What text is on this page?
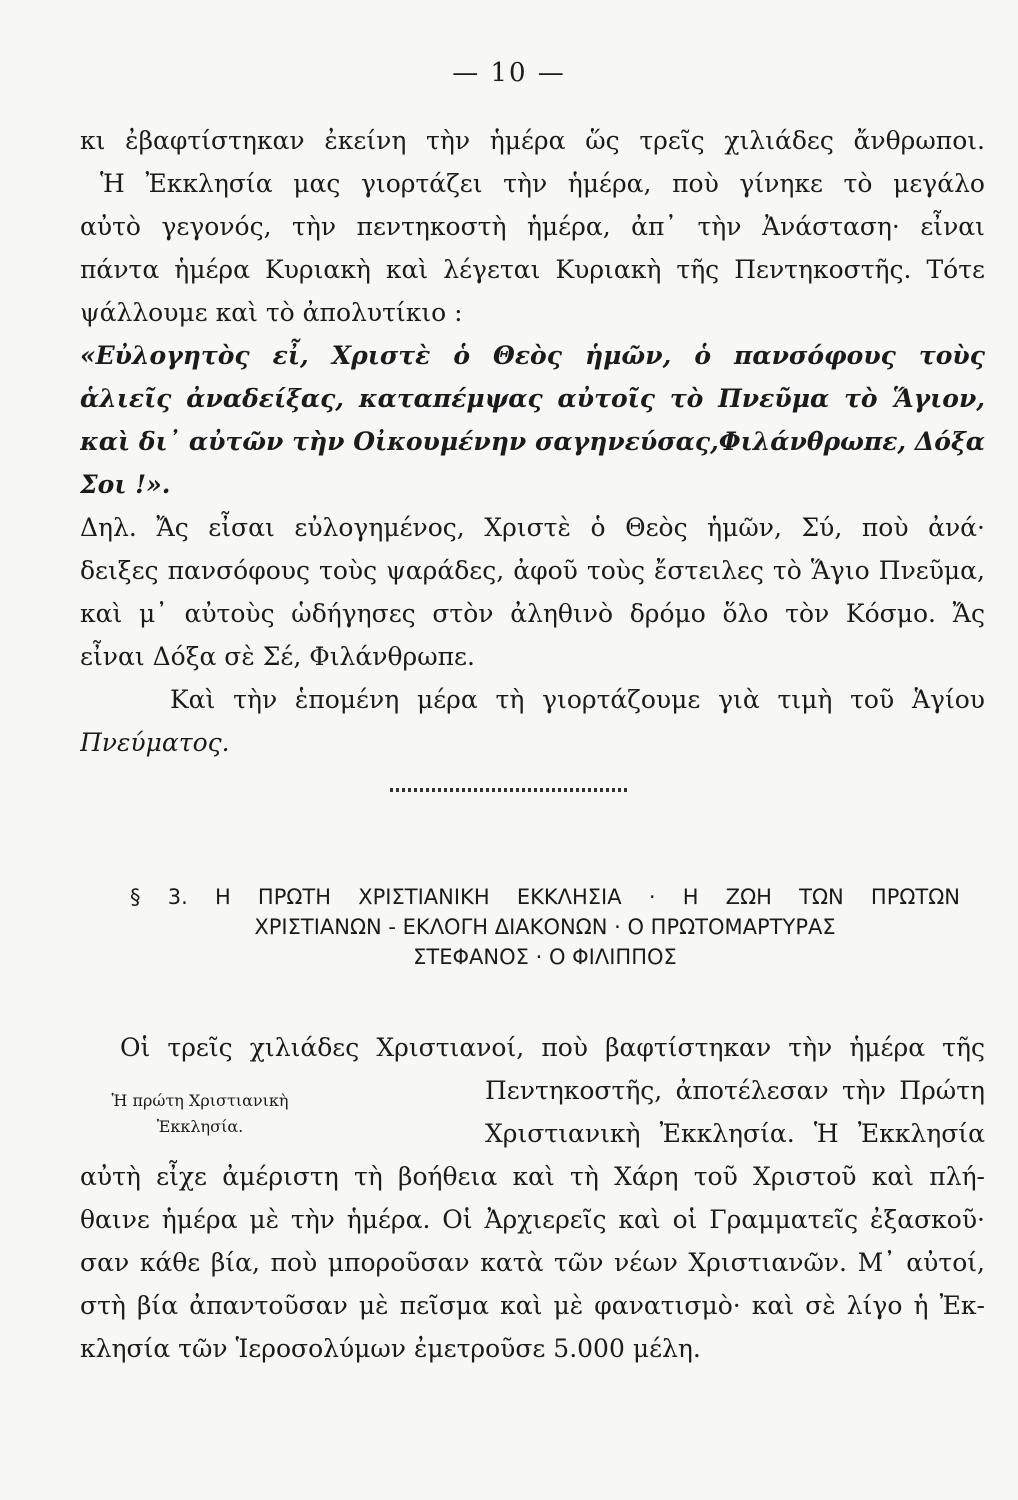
— 10 —
κι ἐβαφτίστηκαν ἐκείνη τὴν ἡμέρα ὥς τρεῖς χιλιάδες ἄνθρωποι.
Ἡ Ἐκκλησία μας γιορτάζει τὴν ἡμέρα, ποὺ γίνηκε τὸ μεγάλο
αὐτὸ γεγονός, τὴν πεντηκοστὴ ἡμέρα, ἀπ᾽ τὴν Ἀνάσταση· εἶναι
πάντα ἡμέρα Κυριακὴ καὶ λέγεται Κυριακὴ τῆς Πεντηκοστῆς. Τότε
ψάλλουμε καὶ τὸ ἀπολυτίκιο :
«Εὐλογητὸς εἶ, Χριστὲ ὁ Θεὸς ἡμῶν, ὁ πανσόφους τοὺς
ἁλιεῖς ἀναδείξας, καταπέμψας αὐτοῖς τὸ Πνεῦμα τὸ Ἅγιον,
καὶ δι᾽ αὐτῶν τὴν Οἰκουμένην σαγηνεύσας,Φιλάνθρωπε, Δόξα
Σοι !».
Δηλ. Ἄς εἶσαι εὐλογημένος, Χριστὲ ὁ Θεὸς ἡμῶν, Σύ, ποὺ ἀνά·
δειξες πανσόφους τοὺς ψαράδες, ἀφοῦ τοὺς ἔστειλες τὸ Ἅγιο Πνεῦμα,
καὶ μ᾽ αὐτοὺς ὡδήγησες στὸν ἀληθινὸ δρόμο ὅλο τὸν Κόσμο. Ἄς
εἶναι Δόξα σὲ Σέ, Φιλάνθρωπε.
Καὶ τὴν ἑπομένη μέρα τὴ γιορτάζουμε γιὰ τιμὴ τοῦ Ἁγίου
Πνεύματος.
§ 3. Η ΠΡΩΤΗ ΧΡΙΣΤΙΑΝΙΚΗ ΕΚΚΛΗΣΙΑ · Η ΖΩΗ ΤΩΝ ΠΡΩΤΩΝ
ΧΡΙΣΤΙΑΝΩΝ - ΕΚΛΟΓΗ ΔΙΑΚΟΝΩΝ · Ο ΠΡΩΤΟΜΑΡΤΥΡΑΣ
ΣΤΕΦΑΝΟΣ · Ο ΦΙΛΙΠΠΟΣ
Ἡ πρώτη Χριστιανικὴ
Ἐκκλησία.
Οἱ τρεῖς χιλιάδες Χριστιανοί, ποὺ βαφτίστηκαν τὴν ἡμέρα τῆς
Πεντηκοστῆς, ἀποτέλεσαν τὴν Πρώτη
Χριστιανικὴ Ἐκκλησία. Ἡ Ἐκκλησία
αὐτὴ εἶχε ἀμέριστη τὴ βοήθεια καὶ τὴ Χάρη τοῦ Χριστοῦ καὶ πλή-
θαινε ἡμέρα μὲ τὴν ἡμέρα. Οἱ Ἀρχιερεῖς καὶ οἱ Γραμματεῖς ἐξασκοῦ·
σαν κάθε βία, ποὺ μποροῦσαν κατὰ τῶν νέων Χριστιανῶν. Μ᾽ αὐτοί,
στὴ βία ἀπαντοῦσαν μὲ πεῖσμα καὶ μὲ φανατισμὸ· καὶ σὲ λίγο ἡ Ἐκ-
κλησία τῶν Ἱεροσολύμων ἐμετροῦσε 5.000 μέλη.
